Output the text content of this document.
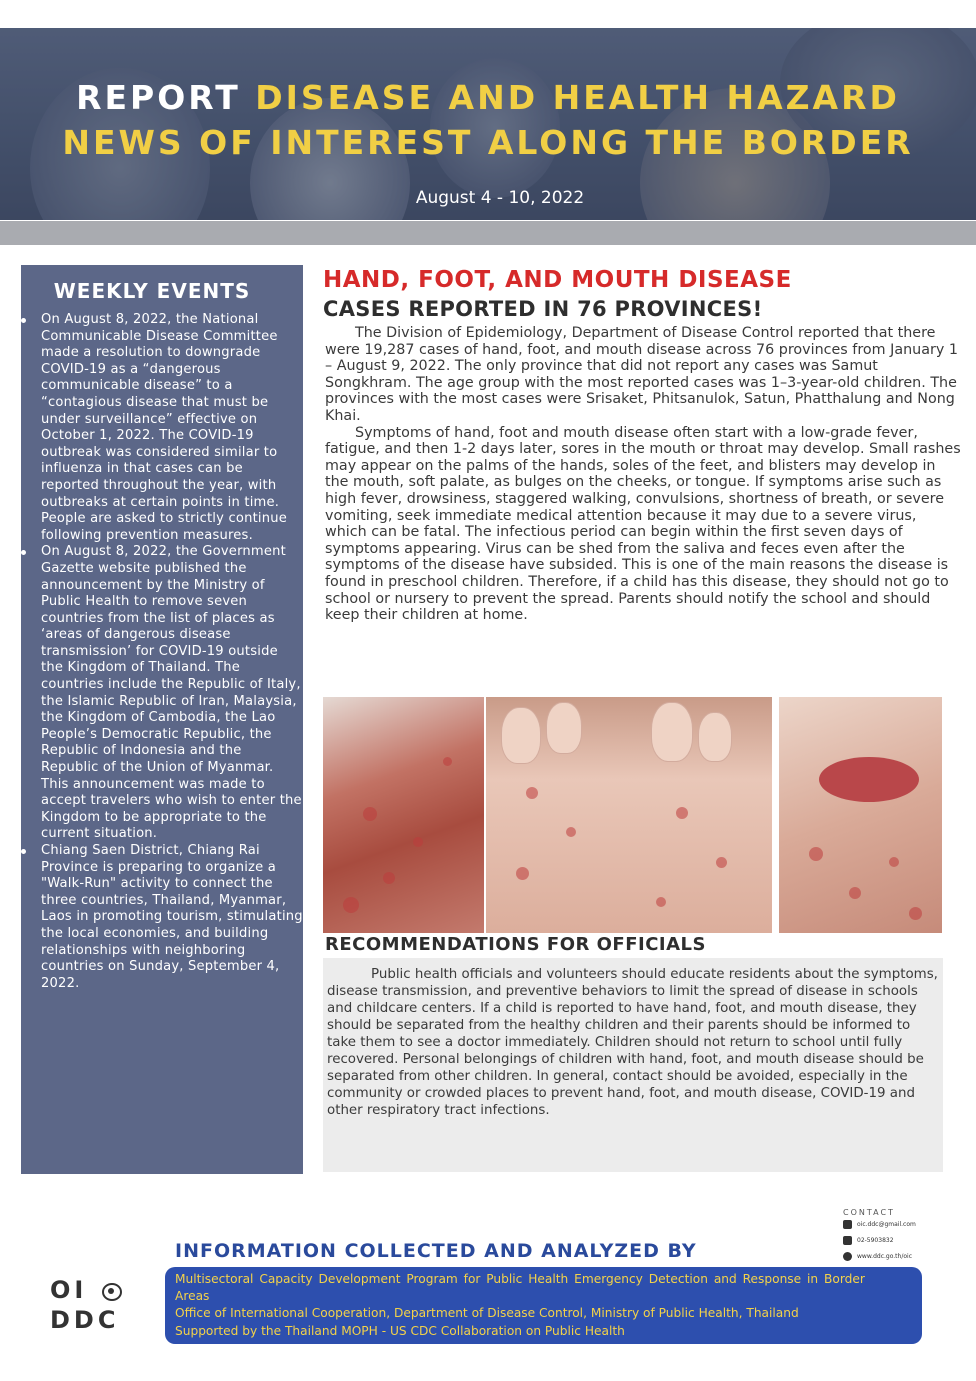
REPORT DISEASE AND HEALTH HAZARD
NEWS OF INTEREST ALONG THE BORDER
August 4 - 10, 2022
WEEKLY EVENTS
On August 8, 2022, the National Communicable Disease Committee made a resolution to downgrade COVID-19 as a “dangerous communicable disease” to a “contagious disease that must be under surveillance” effective on October 1, 2022. The COVID-19 outbreak was considered similar to influenza in that cases can be reported throughout the year, with outbreaks at certain points in time. People are asked to strictly continue following prevention measures.
On August 8, 2022, the Government Gazette website published the announcement by the Ministry of Public Health to remove seven countries from the list of places as ‘areas of dangerous disease transmission’ for COVID-19 outside the Kingdom of Thailand. The countries include the Republic of Italy, the Islamic Republic of Iran, Malaysia, the Kingdom of Cambodia, the Lao People’s Democratic Republic, the Republic of Indonesia and the Republic of the Union of Myanmar. This announcement was made to accept travelers who wish to enter the Kingdom to be appropriate to the current situation.
Chiang Saen District, Chiang Rai Province is preparing to organize a "Walk-Run" activity to connect the three countries, Thailand, Myanmar, Laos in promoting tourism, stimulating the local economies, and building relationships with neighboring countries on Sunday, September 4, 2022.
HAND, FOOT, AND MOUTH DISEASE
CASES REPORTED IN 76 PROVINCES!

The Division of Epidemiology, Department of Disease Control reported that there were 19,287 cases of hand, foot, and mouth disease across 76 provinces from January 1 – August 9, 2022. The only province that did not report any cases was Samut Songkhram. The age group with the most reported cases was 1–3-year-old children. The provinces with the most cases were Srisaket, Phitsanulok, Satun, Phatthalung and Nong Khai.

Symptoms of hand, foot and mouth disease often start with a low-grade fever, fatigue, and then 1-2 days later, sores in the mouth or throat may develop. Small rashes may appear on the palms of the hands, soles of the feet, and blisters may develop in the mouth, soft palate, as bulges on the cheeks, or tongue. If symptoms arise such as high fever, drowsiness, staggered walking, convulsions, shortness of breath, or severe vomiting, seek immediate medical attention because it may due to a severe virus, which can be fatal. The infectious period can begin within the first seven days of symptoms appearing. Virus can be shed from the saliva and feces even after the symptoms of the disease have subsided. This is one of the main reasons the disease is found in preschool children. Therefore, if a child has this disease, they should not go to school or nursery to prevent the spread. Parents should notify the school and should keep their children at home.

RECOMMENDATIONS FOR OFFICIALS

Public health officials and volunteers should educate residents about the symptoms, disease transmission, and preventive behaviors to limit the spread of disease in schools and childcare centers. If a child is reported to have hand, foot, and mouth disease, they should be separated from the healthy children and their parents should be informed to take them to see a doctor immediately. Children should not return to school until fully recovered. Personal belongings of children with hand, foot, and mouth disease should be separated from other children. In general, contact should be avoided, especially in the community or crowded places to prevent hand, foot, and mouth disease, COVID-19 and other respiratory tract infections.

CONTACT
oic.ddc@gmail.com
02-5903832
www.ddc.go.th/oic
INFORMATION COLLECTED AND ANALYZED BY
OI
DDC
Multisectoral Capacity Development Program for Public Health Emergency Detection and Response in Border Areas
Office of International Cooperation, Department of Disease Control, Ministry of Public Health, Thailand
Supported by the Thailand MOPH - US CDC Collaboration on Public Health
